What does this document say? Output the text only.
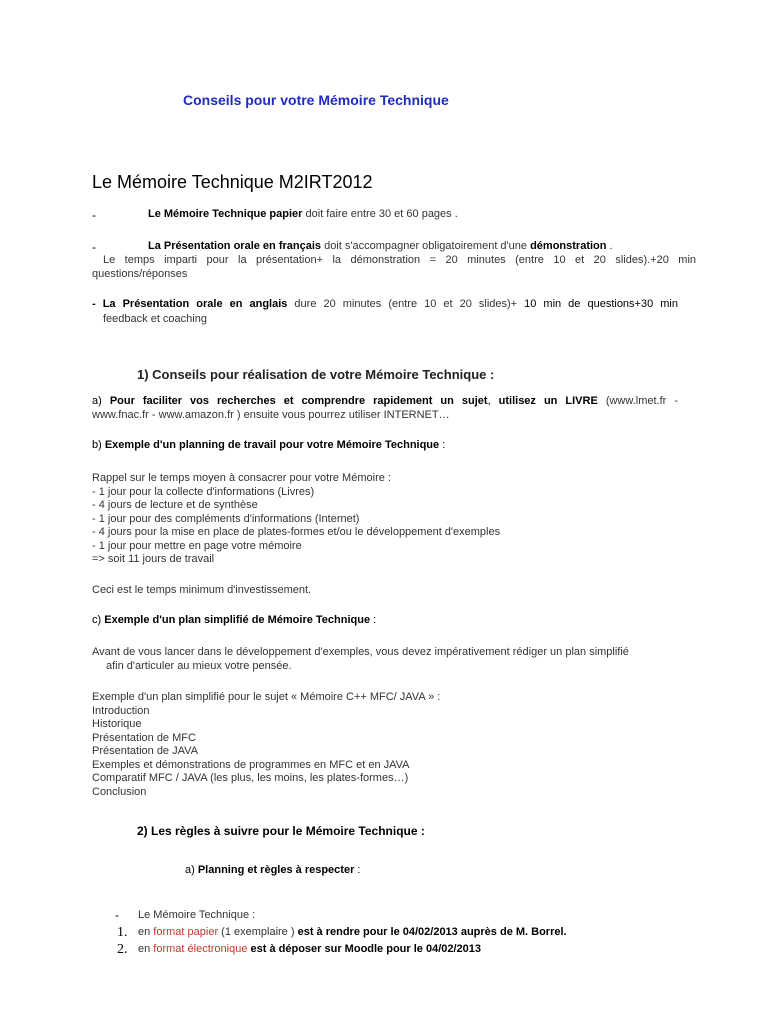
Conseils pour votre Mémoire Technique
Le Mémoire Technique M2IRT2012
-	Le Mémoire Technique papier doit faire entre 30 et 60 pages .
-	La Présentation orale en français doit s'accompagner obligatoirement d'une démonstration .
Le temps imparti pour la présentation+ la démonstration = 20 minutes (entre 10 et 20 slides).+20 min
questions/réponses
- La Présentation orale en anglais dure 20 minutes (entre 10 et 20 slides)+ 10 min de questions+30 min
feedback et coaching
1) Conseils pour réalisation de votre Mémoire Technique :
a) Pour faciliter vos recherches et comprendre rapidement un sujet, utilisez un LIVRE (www.lmet.fr -
www.fnac.fr - www.amazon.fr ) ensuite vous pourrez utiliser INTERNET…
b) Exemple d'un planning de travail pour votre Mémoire Technique :
Rappel sur le temps moyen à consacrer pour votre Mémoire :
- 1 jour pour la collecte d'informations (Livres)
- 4 jours de lecture et de synthèse
- 1 jour pour des compléments d'informations (Internet)
- 4 jours pour la mise en place de plates-formes et/ou le développement d'exemples
- 1 jour pour mettre en page votre mémoire
=> soit 11 jours de travail
Ceci est le temps minimum d'investissement.
c) Exemple d'un plan simplifié de Mémoire Technique :
Avant de vous lancer dans le développement d'exemples, vous devez impérativement rédiger un plan simplifié
afin d'articuler au mieux votre pensée.
Exemple d'un plan simplifié pour le sujet « Mémoire C++ MFC/ JAVA » :
Introduction
Historique
Présentation de MFC
Présentation de JAVA
Exemples et démonstrations de programmes en MFC et en JAVA
Comparatif MFC / JAVA (les plus, les moins, les plates-formes…)
Conclusion
2) Les règles à suivre pour le Mémoire Technique :
a) Planning et règles à respecter :
- Le Mémoire Technique :
1. en format papier (1 exemplaire ) est à rendre pour le 04/02/2013 auprès de M. Borrel.
2. en format électronique est à déposer sur Moodle pour le 04/02/2013
